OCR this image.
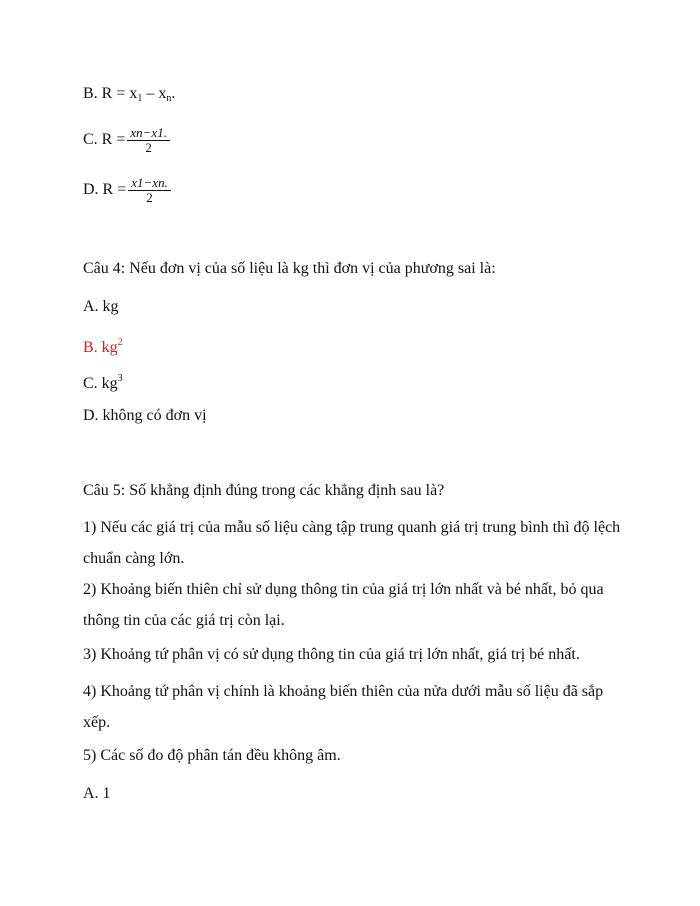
B. $R = x_1 - x_n$.
C. $R = \frac{xn-x1.}{2}$
D. $R = \frac{x1-xn.}{2}$
Câu 4: Nếu đơn vị của số liệu là kg thì đơn vị của phương sai là:
A. kg
B. $kg^2$
C. $kg^3$
D. không có đơn vị
Câu 5: Số khẳng định đúng trong các khẳng định sau là?
1) Nếu các giá trị của mẫu số liệu càng tập trung quanh giá trị trung bình thì độ lệch chuẩn càng lớn.
2) Khoảng biến thiên chỉ sử dụng thông tin của giá trị lớn nhất và bé nhất, bỏ qua thông tin của các giá trị còn lại.
3) Khoảng tứ phân vị có sử dụng thông tin của giá trị lớn nhất, giá trị bé nhất.
4) Khoảng tứ phân vị chính là khoảng biến thiên của nửa dưới mẫu số liệu đã sắp xếp.
5) Các số đo độ phân tán đều không âm.
A. 1
